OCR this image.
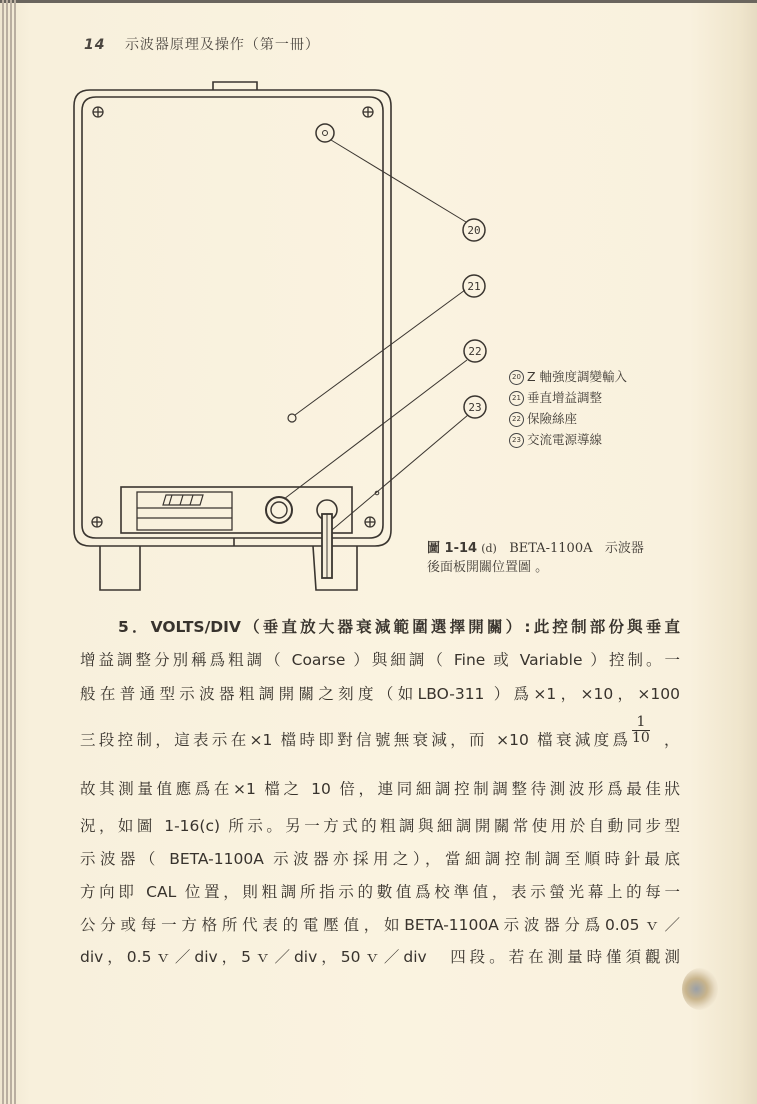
14 示波器原理及操作（第一冊）
20
21
22
23
20 Z 軸強度調變輸入
21 垂直增益調整
22 保險絲座
23 交流電源導線
圖 1-14 (d) BETA-1100A 示波器
後面板開關位置圖 。
5．VOLTS/DIV（垂直放大器衰減範圍選擇開關）:此控制部份與垂直
增益調整分別稱爲粗調（ Coarse ）與細調（ Fine 或 Variable ）控制。一
般在普通型示波器粗調開關之刻度（如LBO-311 ）爲×1，×10，×100
三段控制，這表示在×1 檔時即對信號無衰減，而 ×10 檔衰減度爲 $\frac{1}{10}$ ，
故其測量值應爲在×1 檔之 10 倍，連同細調控制調整待測波形爲最佳狀
況，如圖 1-16(c) 所示。另一方式的粗調與細調開關常使用於自動同步型
示波器（ BETA-1100A 示波器亦採用之），當細調控制調至順時針最底
方向即 CAL 位置，則粗調所指示的數值爲校準值，表示螢光幕上的每一
公分或每一方格所代表的電壓值，如BETA-1100A示波器分爲0.05ｖ／
div，0.5ｖ／div，5ｖ／div，50ｖ／div　四段。若在測量時僅須觀測
